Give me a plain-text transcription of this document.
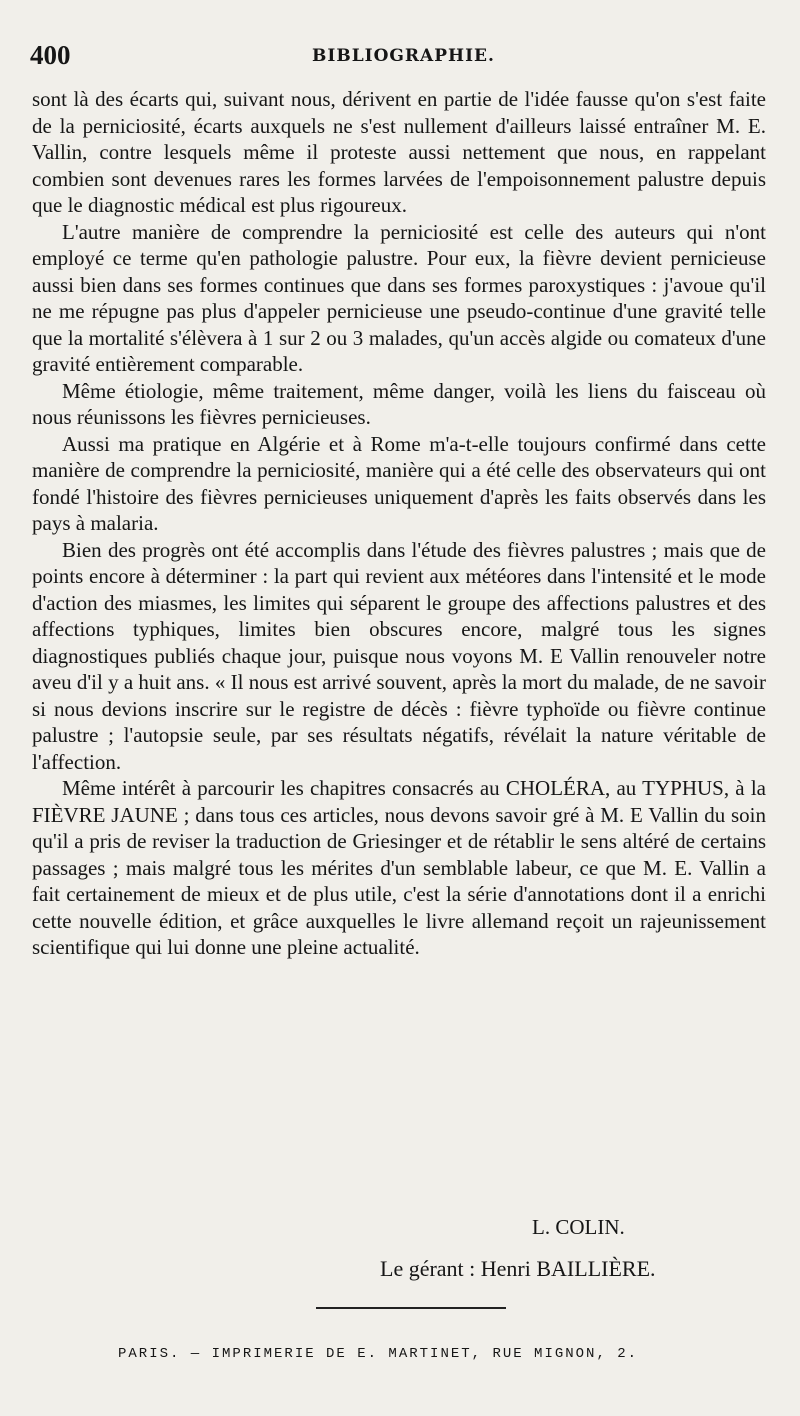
400	BIBLIOGRAPHIE.

sont là des écarts qui, suivant nous, dérivent en partie de l'idée fausse qu'on s'est faite de la perniciosité, écarts auxquels ne s'est nullement d'ailleurs laissé entraîner M. E. Vallin, contre lesquels même il proteste aussi nettement que nous, en rappelant combien sont devenues rares les formes larvées de l'empoisonnement palustre depuis que le diagnostic médical est plus rigoureux.

L'autre manière de comprendre la perniciosité est celle des auteurs qui n'ont employé ce terme qu'en pathologie palustre. Pour eux, la fièvre devient pernicieuse aussi bien dans ses formes continues que dans ses formes paroxystiques : j'avoue qu'il ne me répugne pas plus d'appeler pernicieuse une pseudo-continue d'une gravité telle que la mortalité s'élèvera à 1 sur 2 ou 3 malades, qu'un accès algide ou comateux d'une gravité entièrement comparable.

Même étiologie, même traitement, même danger, voilà les liens du faisceau où nous réunissons les fièvres pernicieuses.

Aussi ma pratique en Algérie et à Rome m'a-t-elle toujours confirmé dans cette manière de comprendre la perniciosité, manière qui a été celle des observateurs qui ont fondé l'histoire des fièvres pernicieuses uniquement d'après les faits observés dans les pays à malaria.

Bien des progrès ont été accomplis dans l'étude des fièvres palustres ; mais que de points encore à déterminer : la part qui revient aux météores dans l'intensité et le mode d'action des miasmes, les limites qui séparent le groupe des affections palustres et des affections typhiques, limites bien obscures encore, malgré tous les signes diagnostiques publiés chaque jour, puisque nous voyons M. E Vallin renouveler notre aveu d'il y a huit ans. « Il nous est arrivé souvent, après la mort du malade, de ne savoir si nous devions inscrire sur le registre de décès : fièvre typhoïde ou fièvre continue palustre ; l'autopsie seule, par ses résultats négatifs, révélait la nature véritable de l'affection.

Même intérêt à parcourir les chapitres consacrés au CHOLÉRA, au TYPHUS, à la FIÈVRE JAUNE ; dans tous ces articles, nous devons savoir gré à M. E Vallin du soin qu'il a pris de reviser la traduction de Griesinger et de rétablir le sens altéré de certains passages ; mais malgré tous les mérites d'un semblable labeur, ce que M. E. Vallin a fait certainement de mieux et de plus utile, c'est la série d'annotations dont il a enrichi cette nouvelle édition, et grâce auxquelles le livre allemand reçoit un rajeunissement scientifique qui lui donne une pleine actualité.

L. COLIN.
Le gérant : Henri BAILLIÈRE.
PARIS. — IMPRIMERIE DE E. MARTINET, RUE MIGNON, 2.
